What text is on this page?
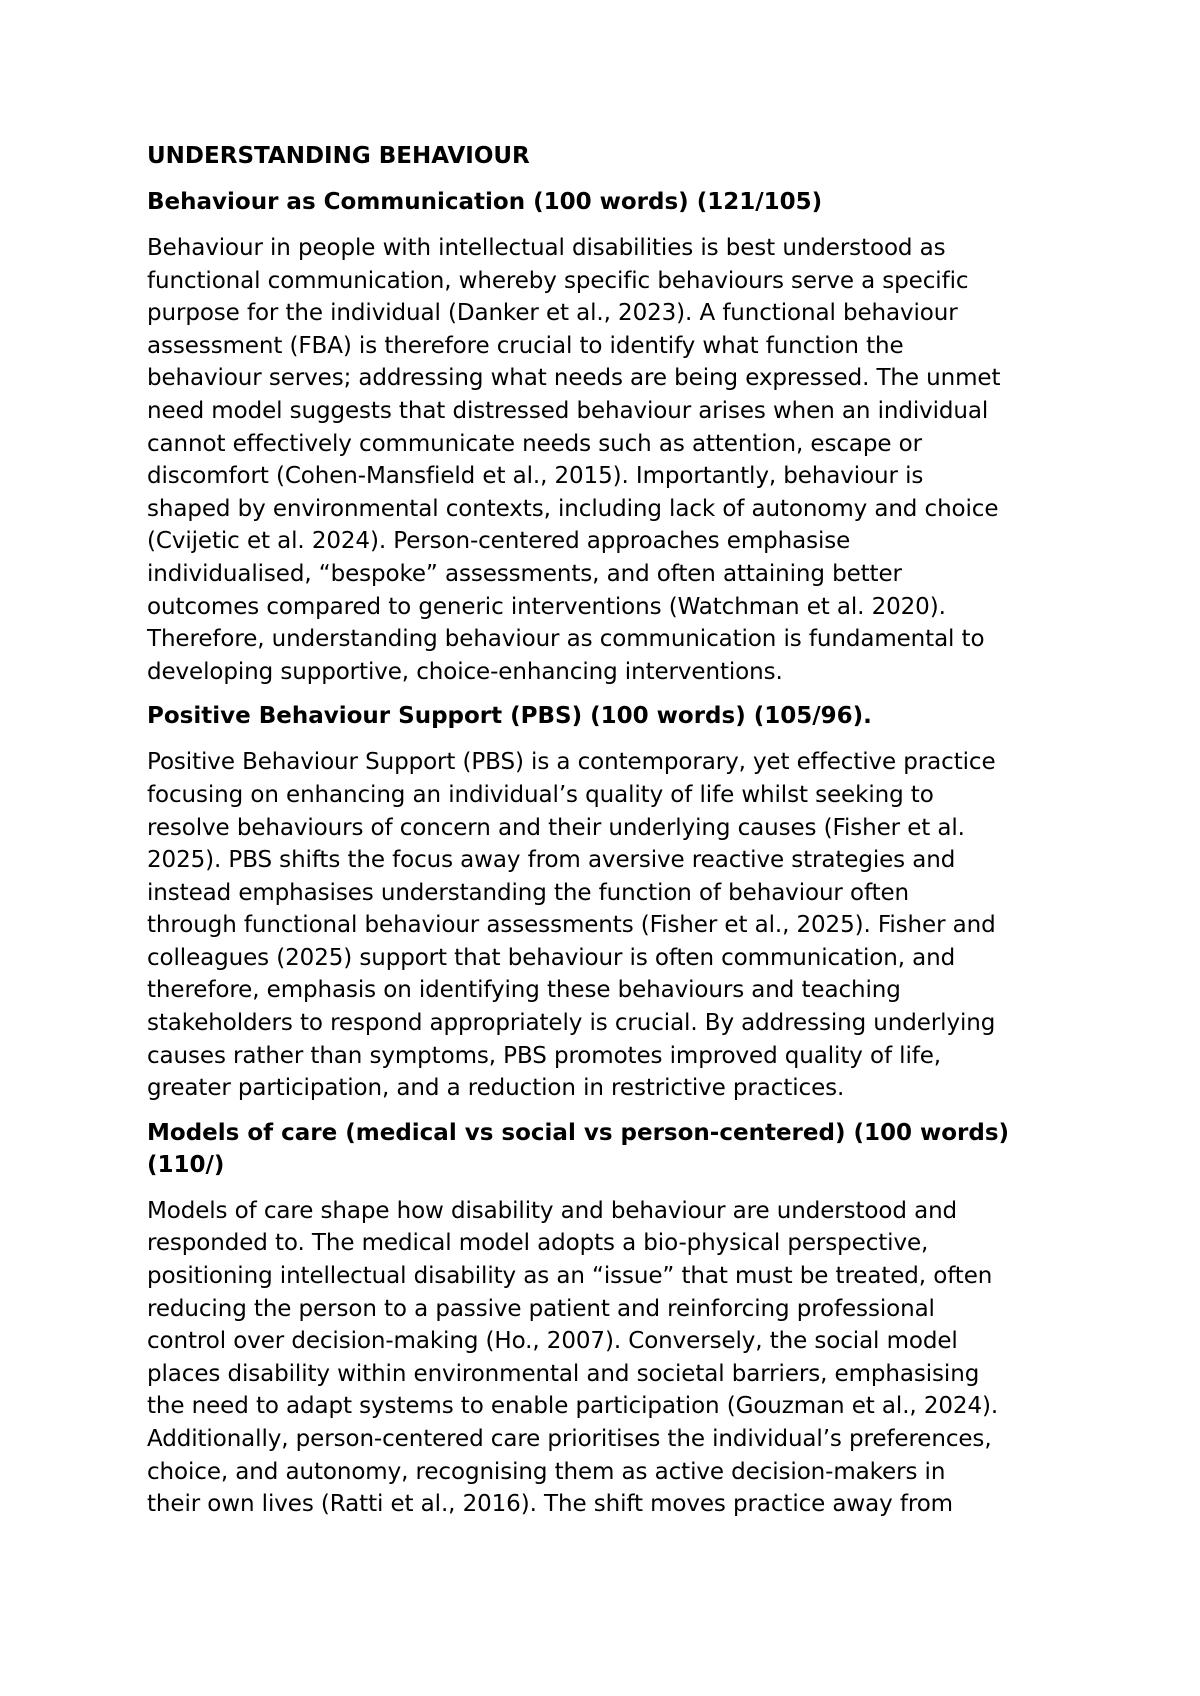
UNDERSTANDING BEHAVIOUR
Behaviour as Communication (100 words) (121/105)
Behaviour in people with intellectual disabilities is best understood as
functional communication, whereby specific behaviours serve a specific
purpose for the individual (Danker et al., 2023). A functional behaviour
assessment (FBA) is therefore crucial to identify what function the
behaviour serves; addressing what needs are being expressed. The unmet
need model suggests that distressed behaviour arises when an individual
cannot effectively communicate needs such as attention, escape or
discomfort (Cohen-Mansfield et al., 2015). Importantly, behaviour is
shaped by environmental contexts, including lack of autonomy and choice
(Cvijetic et al. 2024). Person-centered approaches emphasise
individualised, “bespoke” assessments, and often attaining better
outcomes compared to generic interventions (Watchman et al. 2020).
Therefore, understanding behaviour as communication is fundamental to
developing supportive, choice-enhancing interventions.
Positive Behaviour Support (PBS) (100 words) (105/96).
Positive Behaviour Support (PBS) is a contemporary, yet effective practice
focusing on enhancing an individual’s quality of life whilst seeking to
resolve behaviours of concern and their underlying causes (Fisher et al.
2025). PBS shifts the focus away from aversive reactive strategies and
instead emphasises understanding the function of behaviour often
through functional behaviour assessments (Fisher et al., 2025). Fisher and
colleagues (2025) support that behaviour is often communication, and
therefore, emphasis on identifying these behaviours and teaching
stakeholders to respond appropriately is crucial. By addressing underlying
causes rather than symptoms, PBS promotes improved quality of life,
greater participation, and a reduction in restrictive practices.
Models of care (medical vs social vs person-centered) (100 words)
(110/)
Models of care shape how disability and behaviour are understood and
responded to. The medical model adopts a bio-physical perspective,
positioning intellectual disability as an “issue” that must be treated, often
reducing the person to a passive patient and reinforcing professional
control over decision-making (Ho., 2007). Conversely, the social model
places disability within environmental and societal barriers, emphasising
the need to adapt systems to enable participation (Gouzman et al., 2024).
Additionally, person-centered care prioritises the individual’s preferences,
choice, and autonomy, recognising them as active decision-makers in
their own lives (Ratti et al., 2016). The shift moves practice away from
